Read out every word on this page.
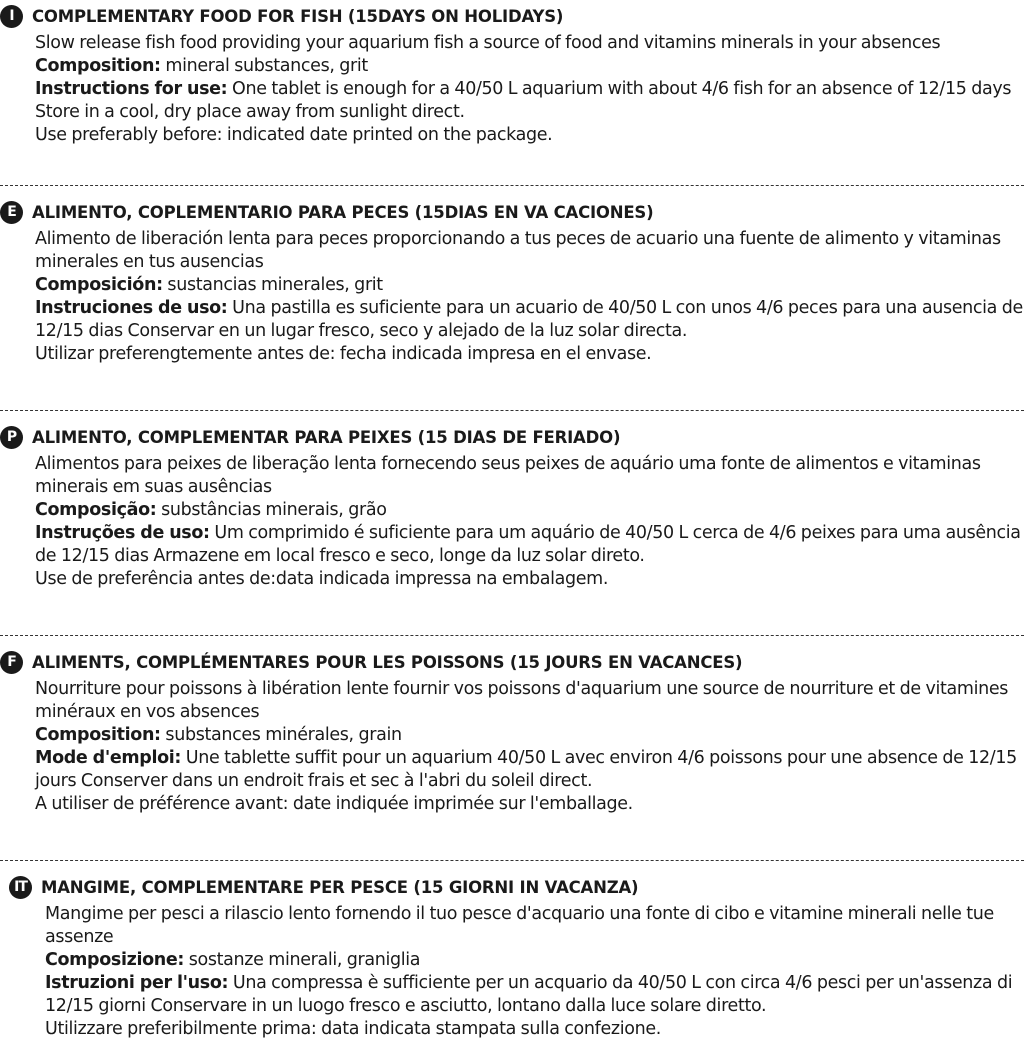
I	COMPLEMENTARY FOOD FOR FISH (15DAYS ON HOLIDAYS)

Slow release fish food providing your aquarium fish a source of food and vitamins minerals in your absences

Composition: mineral substances, grit

Instructions for use: One tablet is enough for a 40/50 L aquarium with about 4/6 fish for an absence of 12/15 days Store in a cool, dry place away from sunlight direct.

Use preferably before: indicated date printed on the package.

E ALIMENTO, COPLEMENTARIO PARA PECES (15DIAS EN VA CACIONES)

Alimento de liberación lenta para peces proporcionando a tus peces de acuario una fuente de alimento y vitaminas minerales en tus ausencias

Composición: sustancias minerales, grit

Instruciones de uso: Una pastilla es suficiente para un acuario de 40/50 L con unos 4/6 peces para una ausencia de 12/15 dias Conservar en un lugar fresco, seco y alejado de la luz solar directa.

Utilizar preferengtemente antes de: fecha indicada impresa en el envase.

P ALIMENTO, COMPLEMENTAR PARA PEIXES (15 DIAS DE FERIADO)

Alimentos para peixes de liberação lenta fornecendo seus peixes de aquário uma fonte de alimentos e vitaminas minerais em suas ausências

Composição: substâncias minerais, grão

Instruções de uso: Um comprimido é suficiente para um aquário de 40/50 L cerca de 4/6 peixes para uma ausência de 12/15 dias Armazene em local fresco e seco, longe da luz solar direto.

Use de preferência antes de:data indicada impressa na embalagem.

F ALIMENTS, COMPLÉMENTARES POUR LES POISSONS (15 JOURS EN VACANCES)

Nourriture pour poissons à libération lente fournir vos poissons d'aquarium une source de nourriture et de vitamines minéraux en vos absences

Composition: substances minérales, grain

Mode d'emploi: Une tablette suffit pour un aquarium 40/50 L avec environ 4/6 poissons pour une absence de 12/15 jours Conserver dans un endroit frais et sec à l'abri du soleil direct.

A utiliser de préférence avant: date indiquée imprimée sur l'emballage.

IT MANGIME, COMPLEMENTARE PER PESCE (15 GIORNI IN VACANZA)

Mangime per pesci a rilascio lento fornendo il tuo pesce d'acquario una fonte di cibo e vitamine minerali nelle tue assenze

Composizione: sostanze minerali, graniglia

Istruzioni per l'uso: Una compressa è sufficiente per un acquario da 40/50 L con circa 4/6 pesci per un'assenza di 12/15 giorni Conservare in un luogo fresco e asciutto, lontano dalla luce solare diretto.

Utilizzare preferibilmente prima: data indicata stampata sulla confezione.
